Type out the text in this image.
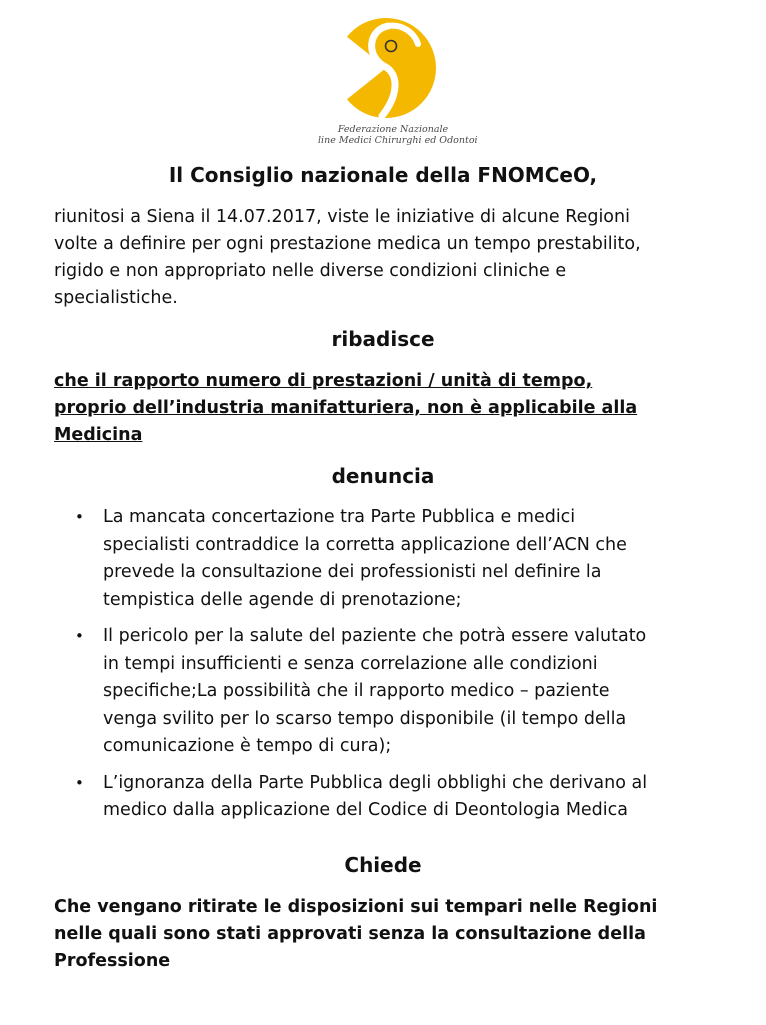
Federazione Nazionale
line Medici Chirurghi ed Odontoi
Il Consiglio nazionale della FNOMCeO,

riunitosi a Siena il 14.07.2017, viste le iniziative di alcune Regioni
volte a definire per ogni prestazione medica un tempo prestabilito,
rigido e non appropriato nelle diverse condizioni cliniche e
specialistiche.

ribadisce

che il rapporto numero di prestazioni / unità di tempo,
proprio dell’industria manifatturiera, non è applicabile alla
Medicina

denuncia
• La mancata concertazione tra Parte Pubblica e medici
specialisti contraddice la corretta applicazione dell’ACN che
prevede la consultazione dei professionisti nel definire la
tempistica delle agende di prenotazione;
• Il pericolo per la salute del paziente che potrà essere valutato
in tempi insufficienti e senza correlazione alle condizioni
specifiche;La possibilità che il rapporto medico – paziente
venga svilito per lo scarso tempo disponibile (il tempo della
comunicazione è tempo di cura);
• L’ignoranza della Parte Pubblica degli obblighi che derivano al
medico dalla applicazione del Codice di Deontologia Medica
Chiede

Che vengano ritirate le disposizioni sui tempari nelle Regioni
nelle quali sono stati approvati senza la consultazione della
Professione
